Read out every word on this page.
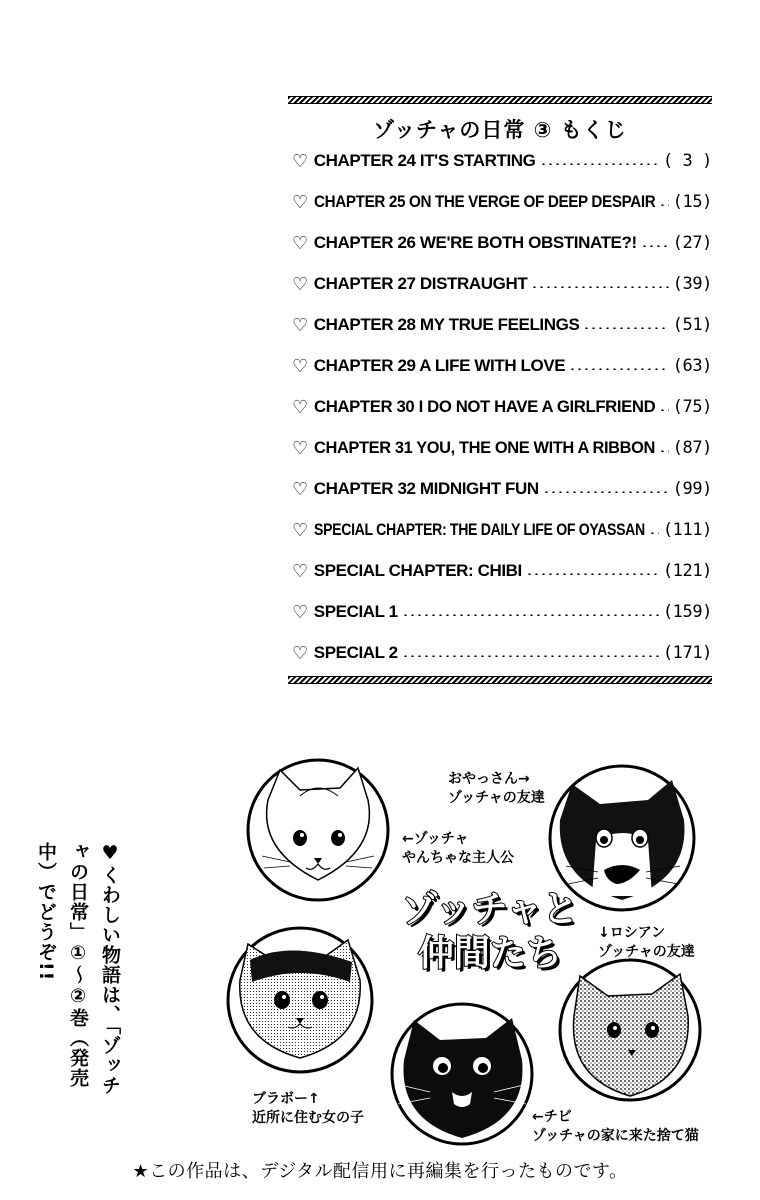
ゾッチャの日常 ③ もくじ
♡ CHAPTER 24 IT'S STARTING	( 3 )
♡ CHAPTER 25 ON THE VERGE OF DEEP DESPAIR (15)
♡ CHAPTER 26 WE'RE BOTH OBSTINATE?! (27)
♡ CHAPTER 27 DISTRAUGHT	(39)
♡ CHAPTER 28 MY TRUE FEELINGS	(51)
♡ CHAPTER 29 A LIFE WITH LOVE	(63)
♡ CHAPTER 30 I DO NOT HAVE A GIRLFRIEND (75)
♡ CHAPTER 31 YOU, THE ONE WITH A RIBBON (87)
♡ CHAPTER 32 MIDNIGHT FUN	(99)
♡ SPECIAL CHAPTER: THE DAILY LIFE OF OYASSAN (111)
♡ SPECIAL CHAPTER: CHIBI	(121)
♡ SPECIAL 1	(159)
♡ SPECIAL 2	(171)
♥くわしい物語は、「ゾッチャの日常」①〜②巻（発売中）でどうぞ!!	ゾッチャと
仲間たち
←ゾッチャ
やんちゃな主人公
おやっさん→
ゾッチャの友達
↓ロシアン
ゾッチャの友達
ブラボー↑
近所に住む女の子	←チビ
ゾッチャの家に来た捨て猫
★この作品は、デジタル配信用に再編集を行ったものです。
